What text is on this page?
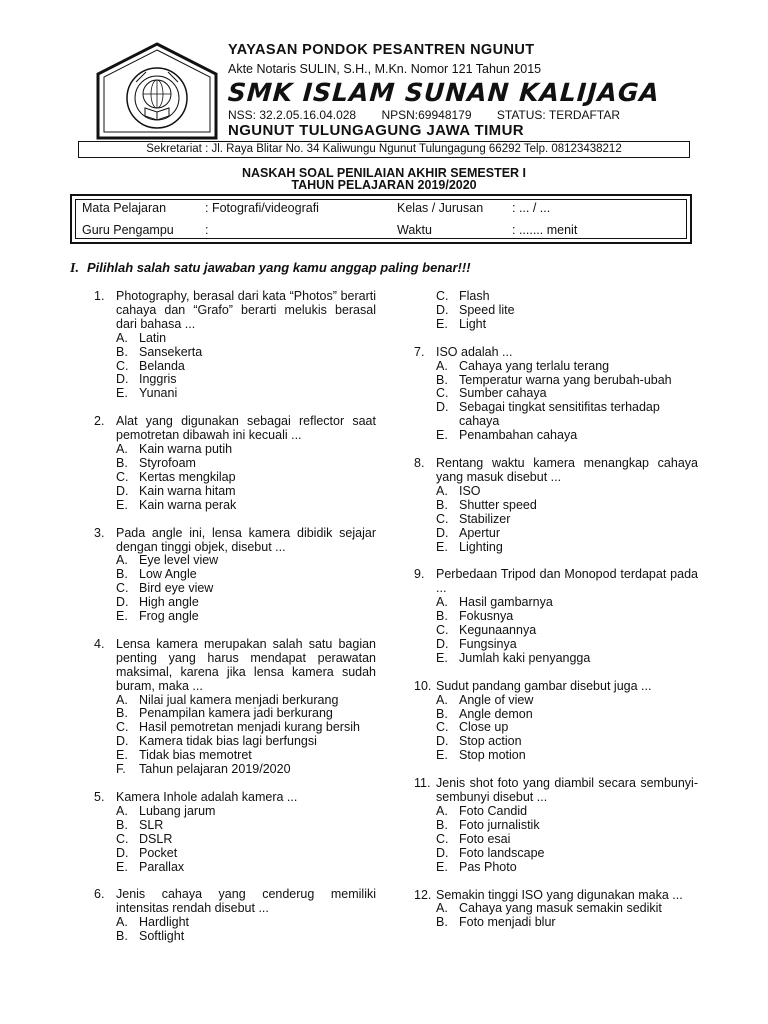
YAYASAN PONDOK PESANTREN NGUNUT
Akte Notaris SULIN, S.H., M.Kn. Nomor 121 Tahun 2015
SMK ISLAM SUNAN KALIJAGA
NSS: 32.2.05.16.04.028 NPSN:69948179 STATUS: TERDAFTAR
NGUNUT TULUNGAGUNG JAWA TIMUR
Sekretariat : Jl. Raya Blitar No. 34 Kaliwungu Ngunut Tulungagung 66292 Telp. 08123438212
NASKAH SOAL PENILAIAN AKHIR SEMESTER I
TAHUN PELAJARAN 2019/2020
Mata Pelajaran	: Fotografi/videografi	Kelas / Jurusan : ... / ...
Guru Pengampu	:	Waktu	: ....... menit
I. Pilihlah salah satu jawaban yang kamu anggap paling benar!!!
1. Photography, berasal dari kata “Photos” berarti cahaya dan “Grafo” berarti melukis berasal dari bahasa ...
A. Latin
B. Sansekerta
C. Belanda
D. Inggris
E. Yunani
2. Alat yang digunakan sebagai reflector saat pemotretan dibawah ini kecuali ...
A. Kain warna putih
B. Styrofoam
C. Kertas mengkilap
D. Kain warna hitam
E. Kain warna perak
3. Pada angle ini, lensa kamera dibidik sejajar dengan tinggi objek, disebut ...
A. Eye level view
B. Low Angle
C. Bird eye view
D. High angle
E. Frog angle
4. Lensa kamera merupakan salah satu bagian penting yang harus mendapat perawatan maksimal, karena jika lensa kamera sudah buram, maka ...
A. Nilai jual kamera menjadi berkurang
B. Penampilan kamera jadi berkurang
C. Hasil pemotretan menjadi kurang bersih
D. Kamera tidak bias lagi berfungsi
E. Tidak bias memotret
F.	Tahun pelajaran 2019/2020
5. Kamera Inhole adalah kamera ...
A. Lubang jarum
B. SLR
C. DSLR
D. Pocket
E. Parallax
6. Jenis cahaya yang cenderug memiliki intensitas rendah disebut ...
A. Hardlight
B. Softlight
C. Flash
D. Speed lite
E. Light
7. ISO adalah ...
A. Cahaya yang terlalu terang
B. Temperatur warna yang berubah-ubah
C. Sumber cahaya
D. Sebagai tingkat sensitifitas terhadap cahaya
E. Penambahan cahaya
8. Rentang waktu kamera menangkap cahaya yang masuk disebut ...
A. ISO
B. Shutter speed
C. Stabilizer
D. Apertur
E. Lighting
9. Perbedaan Tripod dan Monopod terdapat pada ...
A. Hasil gambarnya
B. Fokusnya
C. Kegunaannya
D. Fungsinya
E. Jumlah kaki penyangga
10. Sudut pandang gambar disebut juga ...
A. Angle of view
B. Angle demon
C. Close up
D. Stop action
E. Stop motion
11. Jenis shot foto yang diambil secara sembunyi-sembunyi disebut ...
A. Foto Candid
B. Foto jurnalistik
C. Foto esai
D. Foto landscape
E. Pas Photo
12. Semakin tinggi ISO yang digunakan maka ...
A. Cahaya yang masuk semakin sedikit
B. Foto menjadi blur
